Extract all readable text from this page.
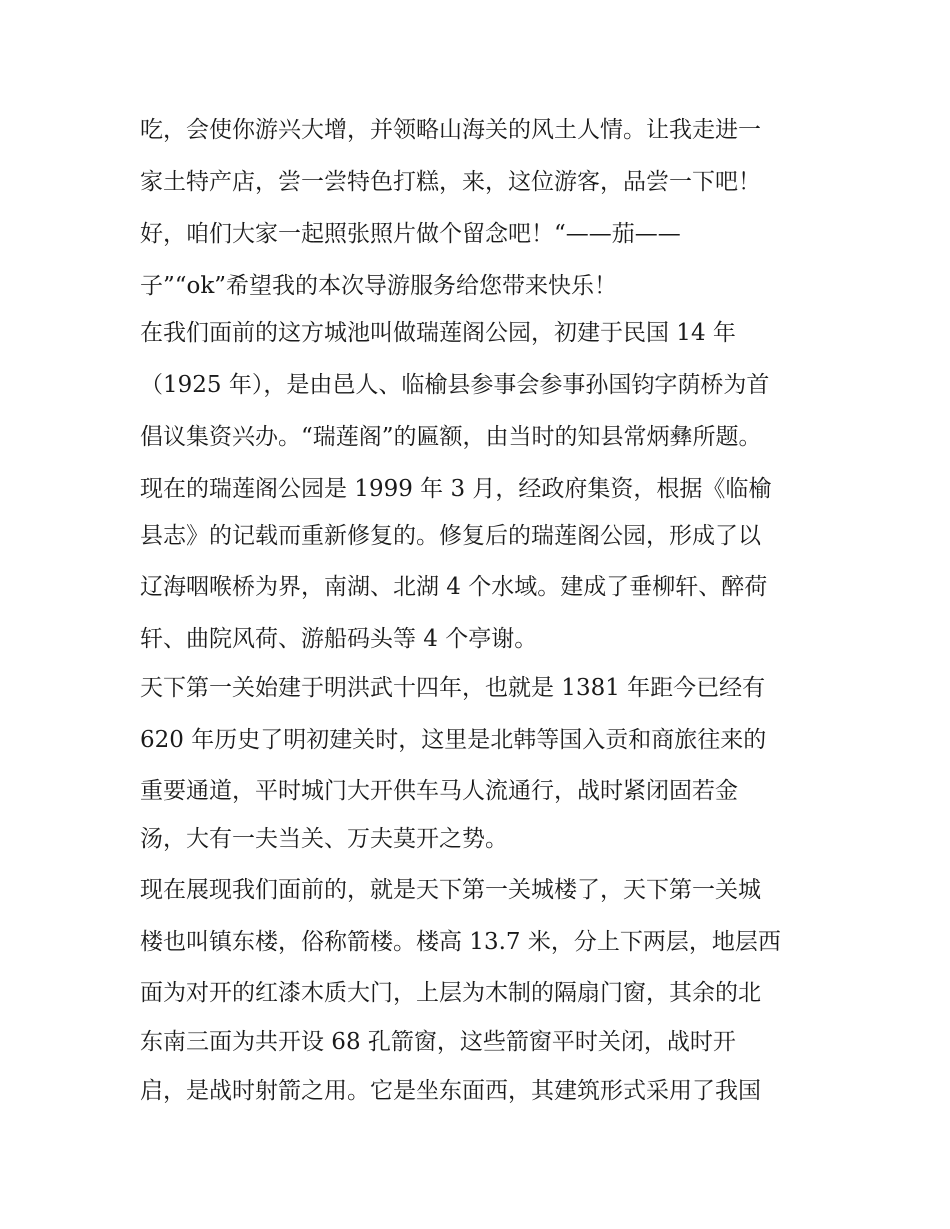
吃，会使你游兴大增，并领略山海关的风土人情。让我走进一
家土特产店，尝一尝特色打糕，来，这位游客，品尝一下吧！
好，咱们大家一起照张照片做个留念吧！“——茄——
子”“ok”希望我的本次导游服务给您带来快乐！
在我们面前的这方城池叫做瑞莲阁公园，初建于民国 14 年
（1925 年），是由邑人、临榆县参事会参事孙国钧字荫桥为首
倡议集资兴办。“瑞莲阁”的匾额，由当时的知县常炳彝所题。
现在的瑞莲阁公园是 1999 年 3 月，经政府集资，根据《临榆
县志》的记载而重新修复的。修复后的瑞莲阁公园，形成了以
辽海咽喉桥为界，南湖、北湖 4 个水域。建成了垂柳轩、醉荷
轩、曲院风荷、游船码头等 4 个亭谢。
天下第一关始建于明洪武十四年，也就是 1381 年距今已经有
620 年历史了明初建关时，这里是北韩等国入贡和商旅往来的
重要通道，平时城门大开供车马人流通行，战时紧闭固若金
汤，大有一夫当关、万夫莫开之势。
现在展现我们面前的，就是天下第一关城楼了，天下第一关城
楼也叫镇东楼，俗称箭楼。楼高 13.7 米，分上下两层，地层西
面为对开的红漆木质大门，上层为木制的隔扇门窗，其余的北
东南三面为共开设 68 孔箭窗，这些箭窗平时关闭，战时开
启，是战时射箭之用。它是坐东面西，其建筑形式采用了我国
